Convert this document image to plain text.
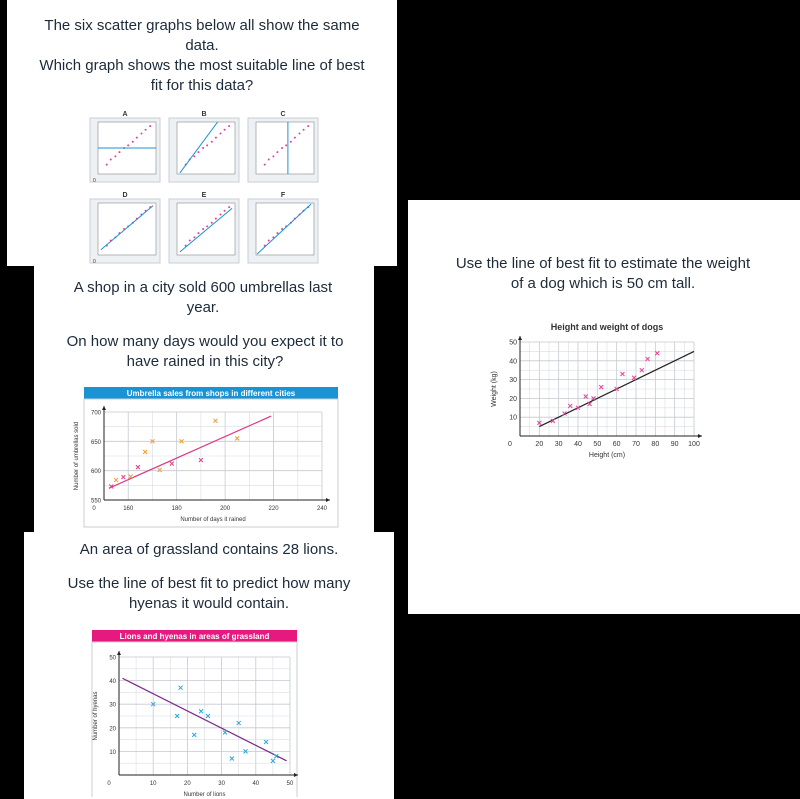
The six scatter graphs below all show the same data.
Which graph shows the most suitable line of best fit for this data?

A
0
B	C
D
0
E	F

A shop in a city sold 600 umbrellas last year.

On how many days would you expect it to have rained in this city?

Umbrella sales from shops in different cities
160	180	200	220	240
550
600
650
700
0
Number of days it rained
Number of umbrellas sold

An area of grassland contains 28 lions.

Use the line of best fit to predict how many hyenas it would contain.

Lions and hyenas in areas of grassland
10	20	30	40	50
10
20
30
40
50
0
Number of lions
Number of hyenas

Use the line of best fit to estimate the weight of a dog which is 50 cm tall.

Height and weight of dogs
20 30 40 50 60 70 80 90 100
10
20
30
40
50
0
Height (cm)
Weight (kg)
